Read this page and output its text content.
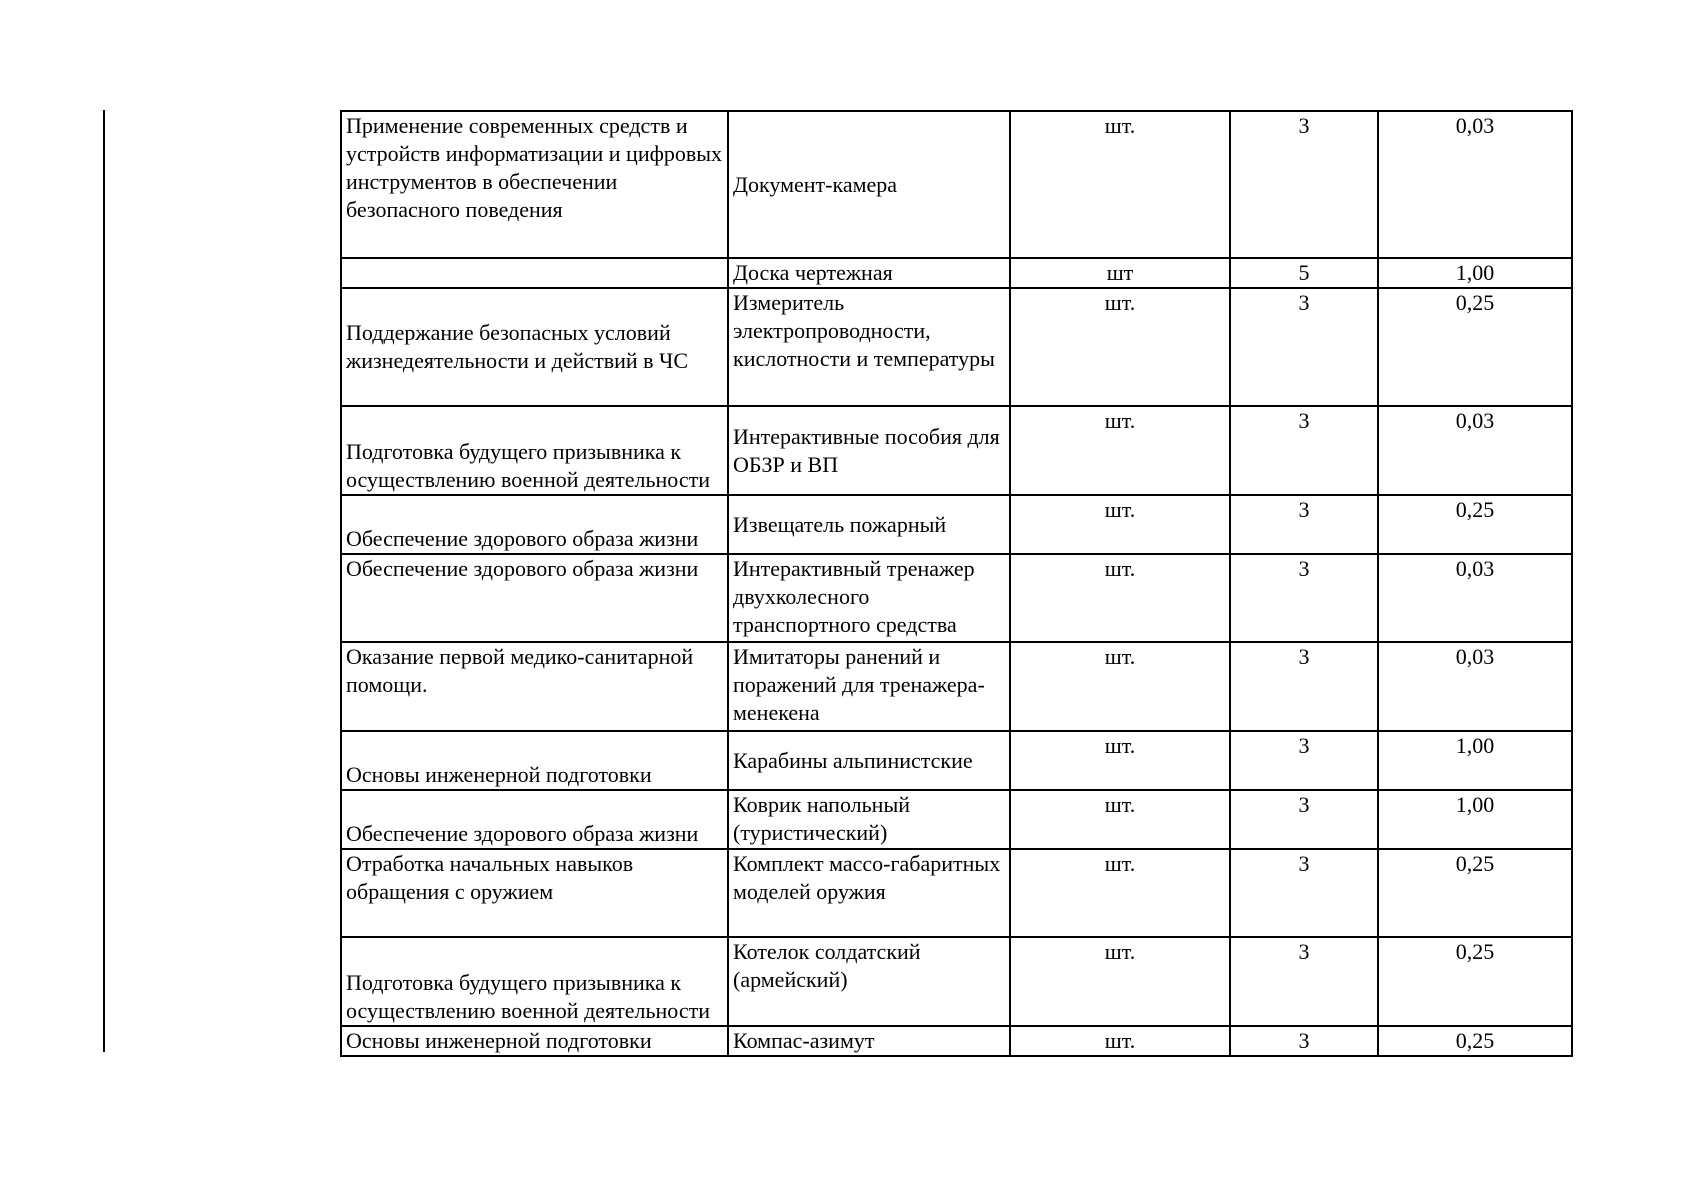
Применение современных средств и устройств информатизации и цифровых инструментов в обеспечении безопасного поведения	Документ-камера	шт.	3	0,03
	Доска чертежная	шт	5	1,00
Поддержание безопасных условий жизнедеятельности и действий в ЧС	Измеритель электропроводности, кислотности и температуры	шт.	3	0,25
Подготовка будущего призывника к осуществлению военной деятельности	Интерактивные пособия для ОБЗР и ВП	шт.	3	0,03
Обеспечение здорового образа жизни	Извещатель пожарный	шт.	3	0,25
Обеспечение здорового образа жизни	Интерактивный тренажер двухколесного транспортного средства	шт.	3	0,03
Оказание первой медико-санитарной помощи.	Имитаторы ранений и поражений для тренажера-менекена	шт.	3	0,03
Основы инженерной подготовки	Карабины альпинистские	шт.	3	1,00
Обеспечение здорового образа жизни	Коврик напольный (туристический)	шт.	3	1,00
Отработка начальных навыков обращения с оружием	Комплект массо-габаритных моделей оружия	шт.	3	0,25
Подготовка будущего призывника к осуществлению военной деятельности	Котелок солдатский (армейский)	шт.	3	0,25
Основы инженерной подготовки	Компас-азимут	шт.	3	0,25
